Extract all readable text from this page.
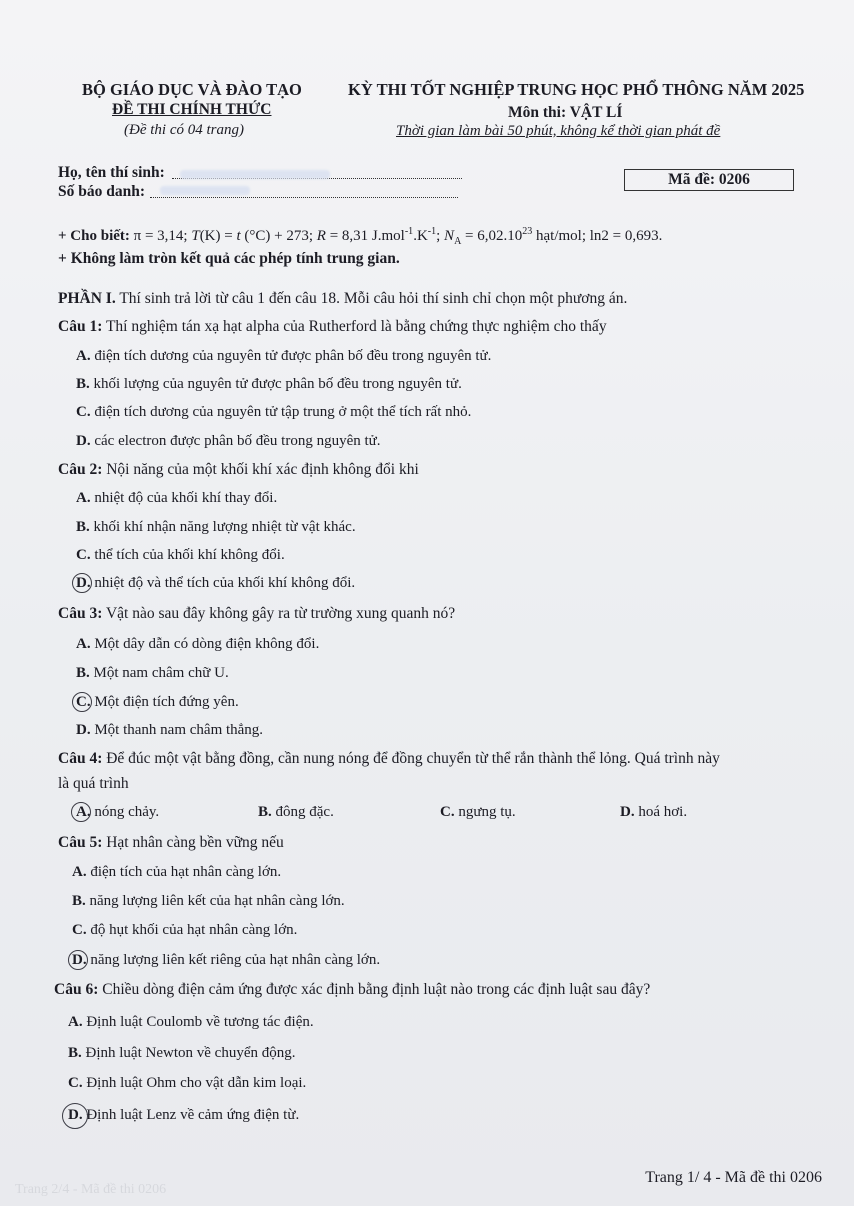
Trang 2/4 - Mã đề thi 0206
BỘ GIÁO DỤC VÀ ĐÀO TẠO
ĐỀ THI CHÍNH THỨC
(Đề thi có 04 trang)
KỲ THI TỐT NGHIỆP TRUNG HỌC PHỔ THÔNG NĂM 2025
Môn thi: VẬT LÍ
Thời gian làm bài 50 phút, không kể thời gian phát đề
Họ, tên thí sinh:
Số báo danh:
Mã đề: 0206
+ Cho biết: π = 3,14; T(K) = t (°C) + 273; R = 8,31 $J.mol^{-1}.K^{-1}$; $N_A = 6,02.10^{23}$ hạt/mol; ln2 = 0,693.
+ Không làm tròn kết quả các phép tính trung gian.
PHẦN I. Thí sinh trả lời từ câu 1 đến câu 18. Mỗi câu hỏi thí sinh chỉ chọn một phương án.
Câu 1: Thí nghiệm tán xạ hạt alpha của Rutherford là bằng chứng thực nghiệm cho thấy
A. điện tích dương của nguyên tử được phân bố đều trong nguyên tử.
B. khối lượng của nguyên tử được phân bố đều trong nguyên tử.
C. điện tích dương của nguyên tử tập trung ở một thể tích rất nhỏ.
D. các electron được phân bố đều trong nguyên tử.
Câu 2: Nội năng của một khối khí xác định không đổi khi
A. nhiệt độ của khối khí thay đổi.
B. khối khí nhận năng lượng nhiệt từ vật khác.
C. thể tích của khối khí không đổi.
D. nhiệt độ và thể tích của khối khí không đổi.
Câu 3: Vật nào sau đây không gây ra từ trường xung quanh nó?
A. Một dây dẫn có dòng điện không đổi.
B. Một nam châm chữ U.
C. Một điện tích đứng yên.
D. Một thanh nam châm thẳng.
Câu 4: Để đúc một vật bằng đồng, cần nung nóng để đồng chuyển từ thể rắn thành thể lỏng. Quá trình này
là quá trình
A. nóng chảy.	B. đông đặc.	C. ngưng tụ.	D. hoá hơi.
Câu 5: Hạt nhân càng bền vững nếu
A. điện tích của hạt nhân càng lớn.
B. năng lượng liên kết của hạt nhân càng lớn.
C. độ hụt khối của hạt nhân càng lớn.
D. năng lượng liên kết riêng của hạt nhân càng lớn.
Câu 6: Chiều dòng điện cảm ứng được xác định bằng định luật nào trong các định luật sau đây?
A. Định luật Coulomb về tương tác điện.
B. Định luật Newton về chuyển động.
C. Định luật Ohm cho vật dẫn kim loại.
D. Định luật Lenz về cảm ứng điện từ.
Trang 1/ 4 - Mã đề thi 0206
